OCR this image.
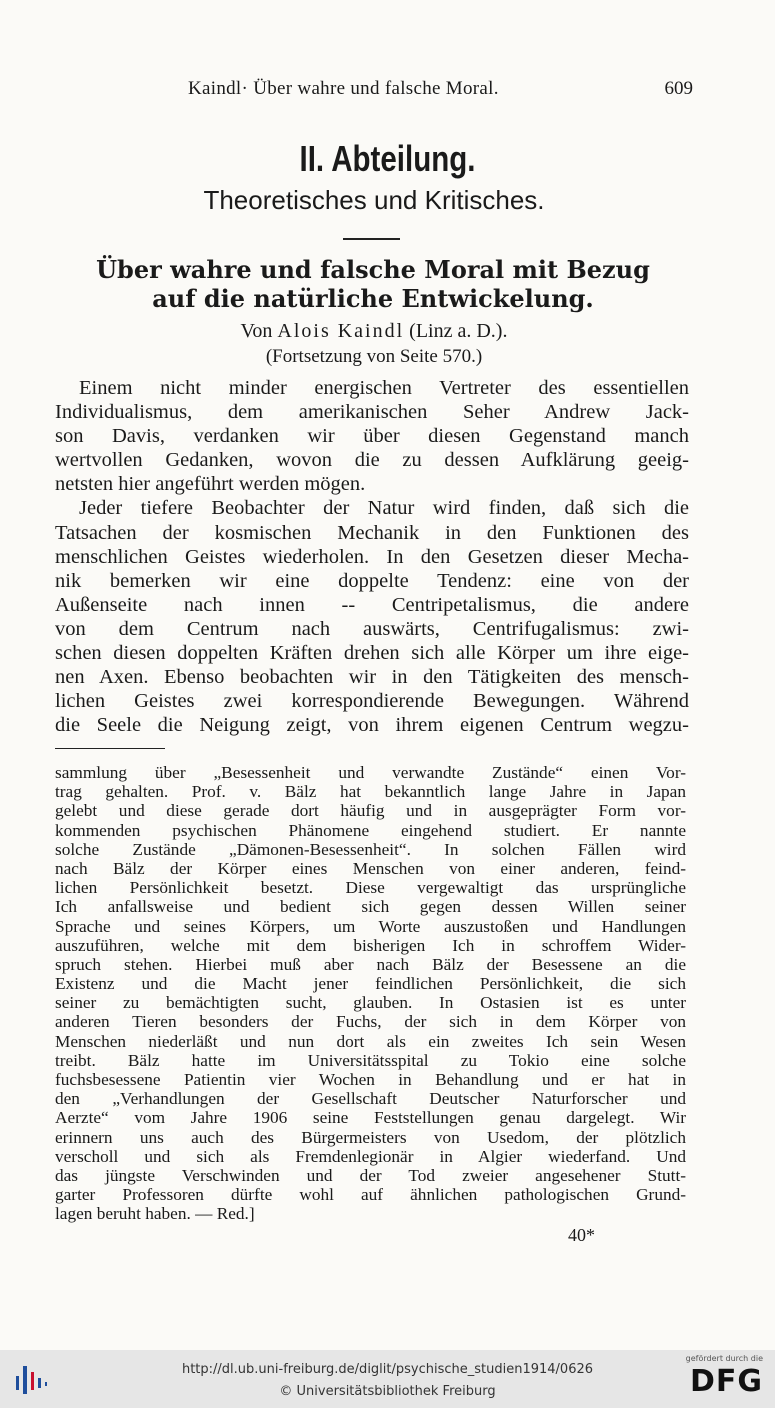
Kaindl· Über wahre und falsche Moral.	609
II. Abteilung.
Theoretisches und Kritisches.
Über wahre und falsche Moral mit Bezug
auf die natürliche Entwickelung.
Von Alois Kaindl (Linz a. D.).
(Fortsetzung von Seite 570.)
Einem nicht minder energischen Vertreter des essentiellen
Individualismus, dem amerikanischen Seher Andrew Jack-
son Davis, verdanken wir über diesen Gegenstand manch
wertvollen Gedanken, wovon die zu dessen Aufklärung geeig-
netsten hier angeführt werden mögen.
Jeder tiefere Beobachter der Natur wird finden, daß sich die
Tatsachen der kosmischen Mechanik in den Funktionen des
menschlichen Geistes wiederholen. In den Gesetzen dieser Mecha-
nik bemerken wir eine doppelte Tendenz: eine von der
Außenseite nach innen -- Centripetalismus, die andere
von dem Centrum nach auswärts, Centrifugalismus: zwi-
schen diesen doppelten Kräften drehen sich alle Körper um ihre eige-
nen Axen. Ebenso beobachten wir in den Tätigkeiten des mensch-
lichen Geistes zwei korrespondierende Bewegungen. Während
die Seele die Neigung zeigt, von ihrem eigenen Centrum wegzu-
sammlung über „Besessenheit und verwandte Zustände“ einen Vor-
trag gehalten. Prof. v. Bälz hat bekanntlich lange Jahre in Japan
gelebt und diese gerade dort häufig und in ausgeprägter Form vor-
kommenden psychischen Phänomene eingehend studiert. Er nannte
solche Zustände „Dämonen-Besessenheit“. In solchen Fällen wird
nach Bälz der Körper eines Menschen von einer anderen, feind-
lichen Persönlichkeit besetzt. Diese vergewaltigt das ursprüngliche
Ich anfallsweise und bedient sich gegen dessen Willen seiner
Sprache und seines Körpers, um Worte auszustoßen und Handlungen
auszuführen, welche mit dem bisherigen Ich in schroffem Wider-
spruch stehen. Hierbei muß aber nach Bälz der Besessene an die
Existenz und die Macht jener feindlichen Persönlichkeit, die sich
seiner zu bemächtigten sucht, glauben. In Ostasien ist es unter
anderen Tieren besonders der Fuchs, der sich in dem Körper von
Menschen niederläßt und nun dort als ein zweites Ich sein Wesen
treibt. Bälz hatte im Universitätsspital zu Tokio eine solche
fuchsbesessene Patientin vier Wochen in Behandlung und er hat in
den „Verhandlungen der Gesellschaft Deutscher Naturforscher und
Aerzte“ vom Jahre 1906 seine Feststellungen genau dargelegt. Wir
erinnern uns auch des Bürgermeisters von Usedom, der plötzlich
verscholl und sich als Fremdenlegionär in Algier wiederfand. Und
das jüngste Verschwinden und der Tod zweier angesehener Stutt-
garter Professoren dürfte wohl auf ähnlichen pathologischen Grund-
lagen beruht haben. — Red.]
40*
http://dl.ub.uni-freiburg.de/diglit/psychische_studien1914/0626
© Universitätsbibliothek Freiburg
gefördert durch die
DFG
